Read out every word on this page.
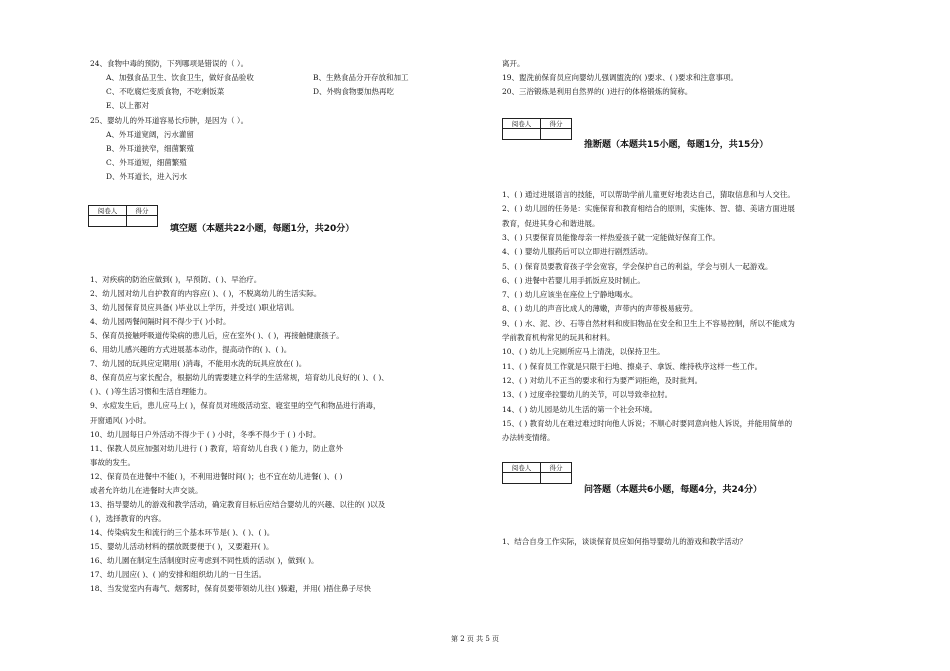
24、食物中毒的预防，下列哪项是错误的（ ）。
A、加强食品卫生、饮食卫生，做好食品验收	B、生熟食品分开存放和加工
C、不吃腐烂变质食物，不吃剩饭菜	D、外购食物要加热再吃
E、以上都对
25、婴幼儿的外耳道容易长疖肿，是因为（ ）。
A、外耳道宽阔，污水灌留
B、外耳道狭窄，细菌繁殖
C、外耳道短，细菌繁殖
D、外耳道长，进入污水
阅卷人	得分
填空题（本题共22小题，每题1分，共20分）
1、对疾病的防治应做到( )，早预防、( )、早治疗。
2、幼儿园对幼儿自护教育的内容应( )、( )，不脱离幼儿的生活实际。
3、幼儿园保育员应具备( )毕业以上学历，并受过( )职业培训。
4、幼儿园两餐间隔时间不得少于( )小时。
5、保育员接触呼吸道传染病的患儿后，应在室外( )、( )，再接触健康孩子。
6、用幼儿感兴趣的方式进展基本动作，提高动作的( )、( )。
7、幼儿园的玩具应定期用( )消毒，不能用水洗的玩具应放在( )。
8、保育员应与家长配合，根据幼儿的需要建立科学的生活常规，培育幼儿良好的( )、( )、
( )、( )等生活习惯和生活自理能力。
9、水痘发生后，患儿应马上( )，保育员对班级活动室、寝室里的空气和物品进行消毒，
开窗通风( )小时。
10、幼儿园每日户外活动不得少于 ( ) 小时，冬季不得少于 ( ) 小时。
11、保教人员应加强对幼儿进行 ( ) 教育，培育幼儿自我 ( ) 能力，防止意外
事故的发生。
12、保育员在进餐中不能( )，不利用进餐时间( )；也不宜在幼儿进餐( )、( )
或者允许幼儿在进餐时大声交谈。
13、指导婴幼儿的游戏和教学活动，确定教育目标后应结合婴幼儿的兴趣、以往的( )以及
( )，选择教育的内容。
14、传染病发生和流行的三个基本环节是( )、( )、( )。
15、婴幼儿活动材料的摆放既要便于( )，又要避开( )。
16、幼儿園在制定生活制度时应考虑到不同性质的活动( )，做到( )。
17、幼儿园应( )、( )的安排和组织幼儿的一日生活。
18、当发觉室内有毒气、烟雾时，保育员要带领幼儿往( )躲避，并用( )捂住鼻子尽快
离开。
19、盥洗前保育员应向婴幼儿强调盥洗的( )要求、( )要求和注意事项。
20、三浴锻炼是利用自然界的( )进行的体格锻炼的简称。
阅卷人	得分
推断题（本题共15小题，每题1分，共15分）
1、( ) 通过进展语言的技能，可以帮助学前儿童更好地表达自己，猜取信息和与人交往。
2、( ) 幼儿园的任务是：实施保育和教育相结合的原则，实施体、智、德、美诸方面进展
教育，促进其身心和谐进展。
3、( ) 只要保育员能像母亲一样热爱孩子就一定能做好保育工作。
4、( ) 婴幼儿服药后可以立即进行剧烈活动。
5、( ) 保育员要教育孩子学会宽容，学会保护自己的利益，学会与别人一起游戏。
6、( ) 进餐中若婴儿用手抓饭应及时制止。
7、( ) 幼儿应该坐在座位上宁静地喝水。
8、( ) 幼儿的声音比成人的薄嫩，声带内的声带极易疲劳。
9、( ) 水、泥、沙、石等自然材料和废旧物品在安全和卫生上不容易控制，所以不能成为
学前教育机构常见的玩具和材料。
10、( ) 幼儿上完厕所应马上清洗，以保持卫生。
11、( ) 保育员工作就是只限于扫地、擦桌子、拿饭、维持秩序这样一些工作。
12、( ) 对幼儿不正当的要求和行为要严词拒绝，及时批判。
13、( ) 过度牵拉婴幼儿的关节，可以导致牵拉肘。
14、( ) 幼儿园是幼儿生活的第一个社会环境。
15、( ) 教育幼儿在难过难过时向他人诉说；不顺心时要同意向他人诉说，并能用简单的
办法转变情绪。
阅卷人	得分
问答题（本题共6小题，每题4分，共24分）
1、结合自身工作实际，谈谈保育员应如何指导婴幼儿的游戏和教学活动？
第 2 页 共 5 页
